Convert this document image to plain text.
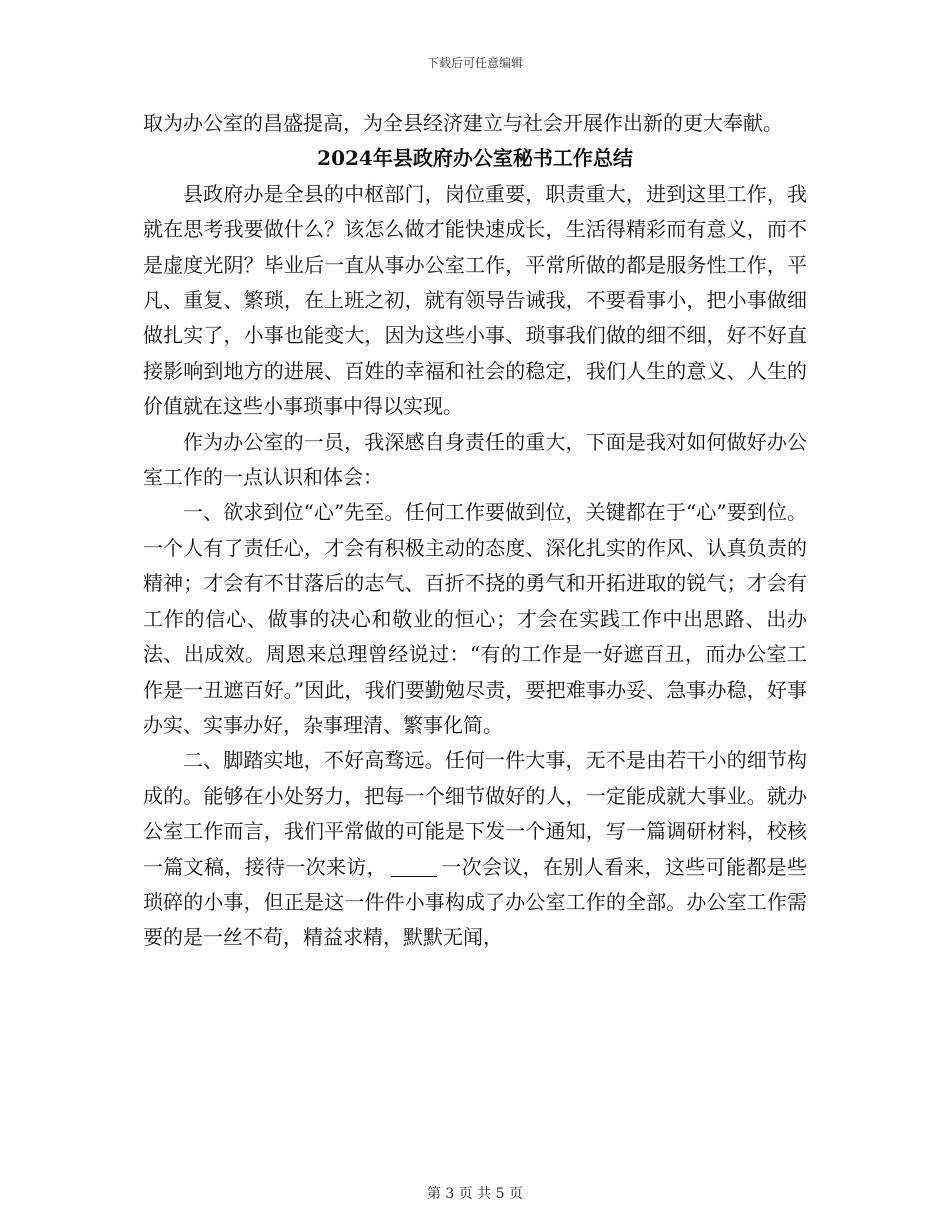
下载后可任意编辑

取为办公室的昌盛提高，为全县经济建立与社会开展作出新的更大奉献。

2024年县政府办公室秘书工作总结

县政府办是全县的中枢部门，岗位重要，职责重大，进到这里工作，我就在思考我要做什么？该怎么做才能快速成长，生活得精彩而有意义，而不是虚度光阴？毕业后一直从事办公室工作，平常所做的都是服务性工作，平凡、重复、繁琐，在上班之初，就有领导告诫我，不要看事小，把小事做细做扎实了，小事也能变大，因为这些小事、琐事我们做的细不细，好不好直接影响到地方的进展、百姓的幸福和社会的稳定，我们人生的意义、人生的价值就在这些小事琐事中得以实现。

作为办公室的一员，我深感自身责任的重大，下面是我对如何做好办公室工作的一点认识和体会：

一、欲求到位“心”先至。任何工作要做到位，关键都在于“心”要到位。一个人有了责任心，才会有积极主动的态度、深化扎实的作风、认真负责的精神；才会有不甘落后的志气、百折不挠的勇气和开拓进取的锐气；才会有工作的信心、做事的决心和敬业的恒心；才会在实践工作中出思路、出办法、出成效。周恩来总理曾经说过：“有的工作是一好遮百丑，而办公室工作是一丑遮百好。”因此，我们要勤勉尽责，要把难事办妥、急事办稳，好事办实、实事办好，杂事理清、繁事化简。

二、脚踏实地，不好高骛远。任何一件大事，无不是由若干小的细节构成的。能够在小处努力，把每一个细节做好的人，一定能成就大事业。就办公室工作而言，我们平常做的可能是下发一个通知，写一篇调研材料，校核一篇文稿，接待一次来访，	一次会议，在别人看来，这些可能都是些琐碎的小事，但正是这一件件小事构成了办公室工作的全部。办公室工作需要的是一丝不苟，精益求精，默默无闻，

第 3 页 共 5 页
